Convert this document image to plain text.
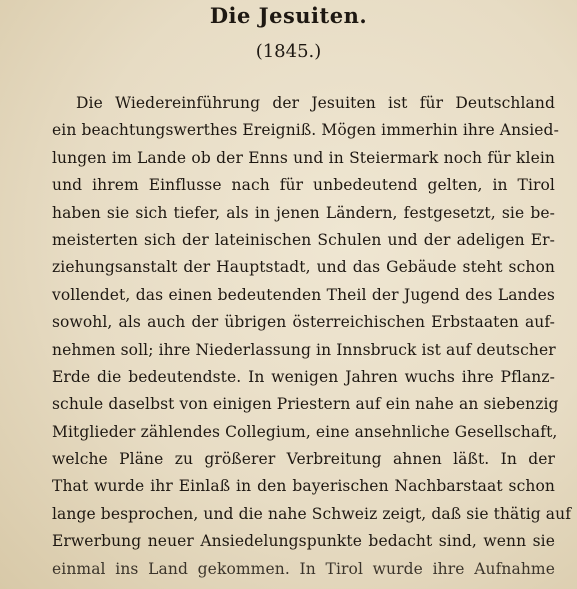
Die Jesuiten.
(1845.)
Die Wiedereinführung der Jesuiten ist für Deutschland
ein beachtungswerthes Ereigniß. Mögen immerhin ihre Ansied-
lungen im Lande ob der Enns und in Steiermark noch für klein
und ihrem Einflusse nach für unbedeutend gelten, in Tirol
haben sie sich tiefer, als in jenen Ländern, festgesetzt, sie be-
meisterten sich der lateinischen Schulen und der adeligen Er-
ziehungsanstalt der Hauptstadt, und das Gebäude steht schon
vollendet, das einen bedeutenden Theil der Jugend des Landes
sowohl, als auch der übrigen österreichischen Erbstaaten auf-
nehmen soll; ihre Niederlassung in Innsbruck ist auf deutscher
Erde die bedeutendste. In wenigen Jahren wuchs ihre Pflanz-
schule daselbst von einigen Priestern auf ein nahe an siebenzig
Mitglieder zählendes Collegium, eine ansehnliche Gesellschaft,
welche Pläne zu größerer Verbreitung ahnen läßt. In der
That wurde ihr Einlaß in den bayerischen Nachbarstaat schon
lange besprochen, und die nahe Schweiz zeigt, daß sie thätig auf
Erwerbung neuer Ansiedelungspunkte bedacht sind, wenn sie
einmal ins Land gekommen. In Tirol wurde ihre Aufnahme
